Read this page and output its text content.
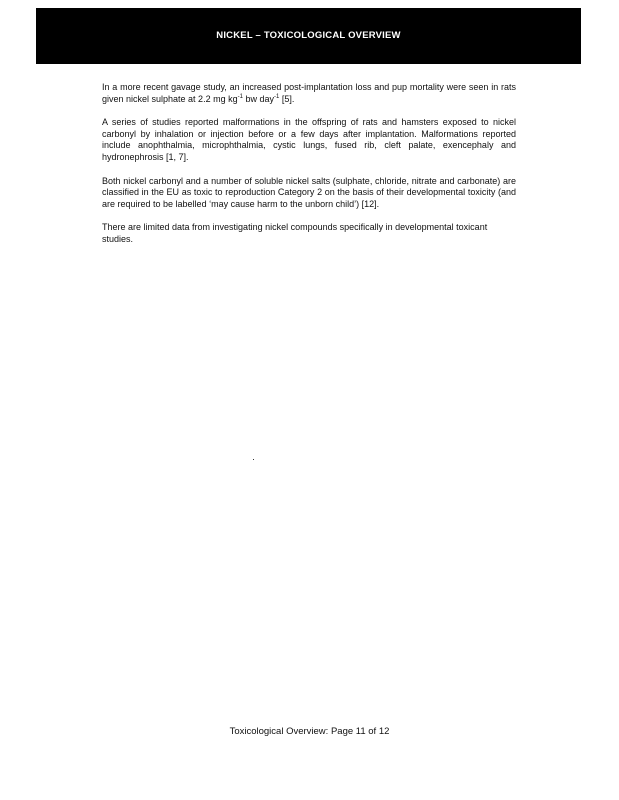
NICKEL – TOXICOLOGICAL OVERVIEW

In a more recent gavage study, an increased post-implantation loss and pup mortality were seen in rats given nickel sulphate at 2.2 mg $kg^{-1}$ bw day$^{-1}$ [5].

A series of studies reported malformations in the offspring of rats and hamsters exposed to nickel carbonyl by inhalation or injection before or a few days after implantation. Malformations reported include anophthalmia, microphthalmia, cystic lungs, fused rib, cleft palate, exencephaly and hydronephrosis [1, 7].

Both nickel carbonyl and a number of soluble nickel salts (sulphate, chloride, nitrate and carbonate) are classified in the EU as toxic to reproduction Category 2 on the basis of their developmental toxicity (and are required to be labelled ‘may cause harm to the unborn child’) [12].

There are limited data from investigating nickel compounds specifically in developmental toxicant studies.

Toxicological Overview: Page 11 of 12
